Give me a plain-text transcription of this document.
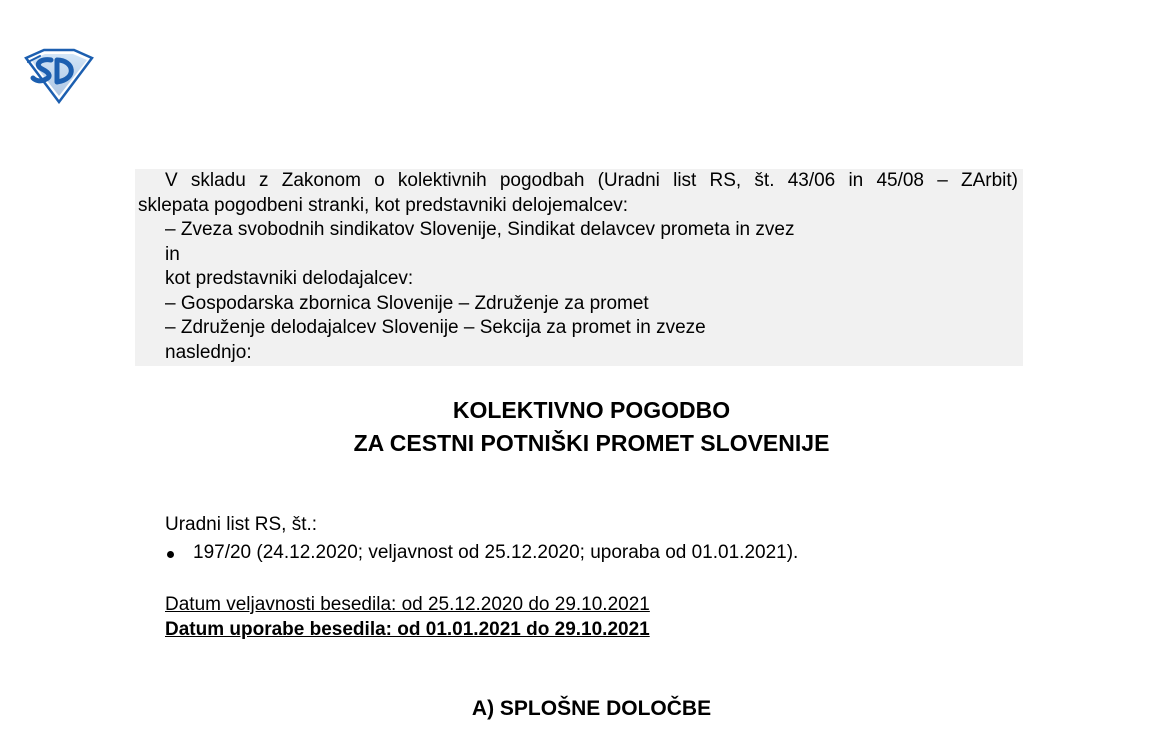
V skladu z Zakonom o kolektivnih pogodbah (Uradni list RS, št. 43/06 in 45/08 – ZArbit)
sklepata pogodbeni stranki, kot predstavniki delojemalcev:
– Zveza svobodnih sindikatov Slovenije, Sindikat delavcev prometa in zvez
in
kot predstavniki delodajalcev:
– Gospodarska zbornica Slovenije – Združenje za promet
– Združenje delodajalcev Slovenije – Sekcija za promet in zveze
naslednjo:
KOLEKTIVNO POGODBO
ZA CESTNI POTNIŠKI PROMET SLOVENIJE
Uradni list RS, št.:
197/20 (24.12.2020; veljavnost od 25.12.2020; uporaba od 01.01.2021).
Datum veljavnosti besedila: od 25.12.2020 do 29.10.2021
Datum uporabe besedila: od 01.01.2021 do 29.10.2021
A) SPLOŠNE DOLOČBE
